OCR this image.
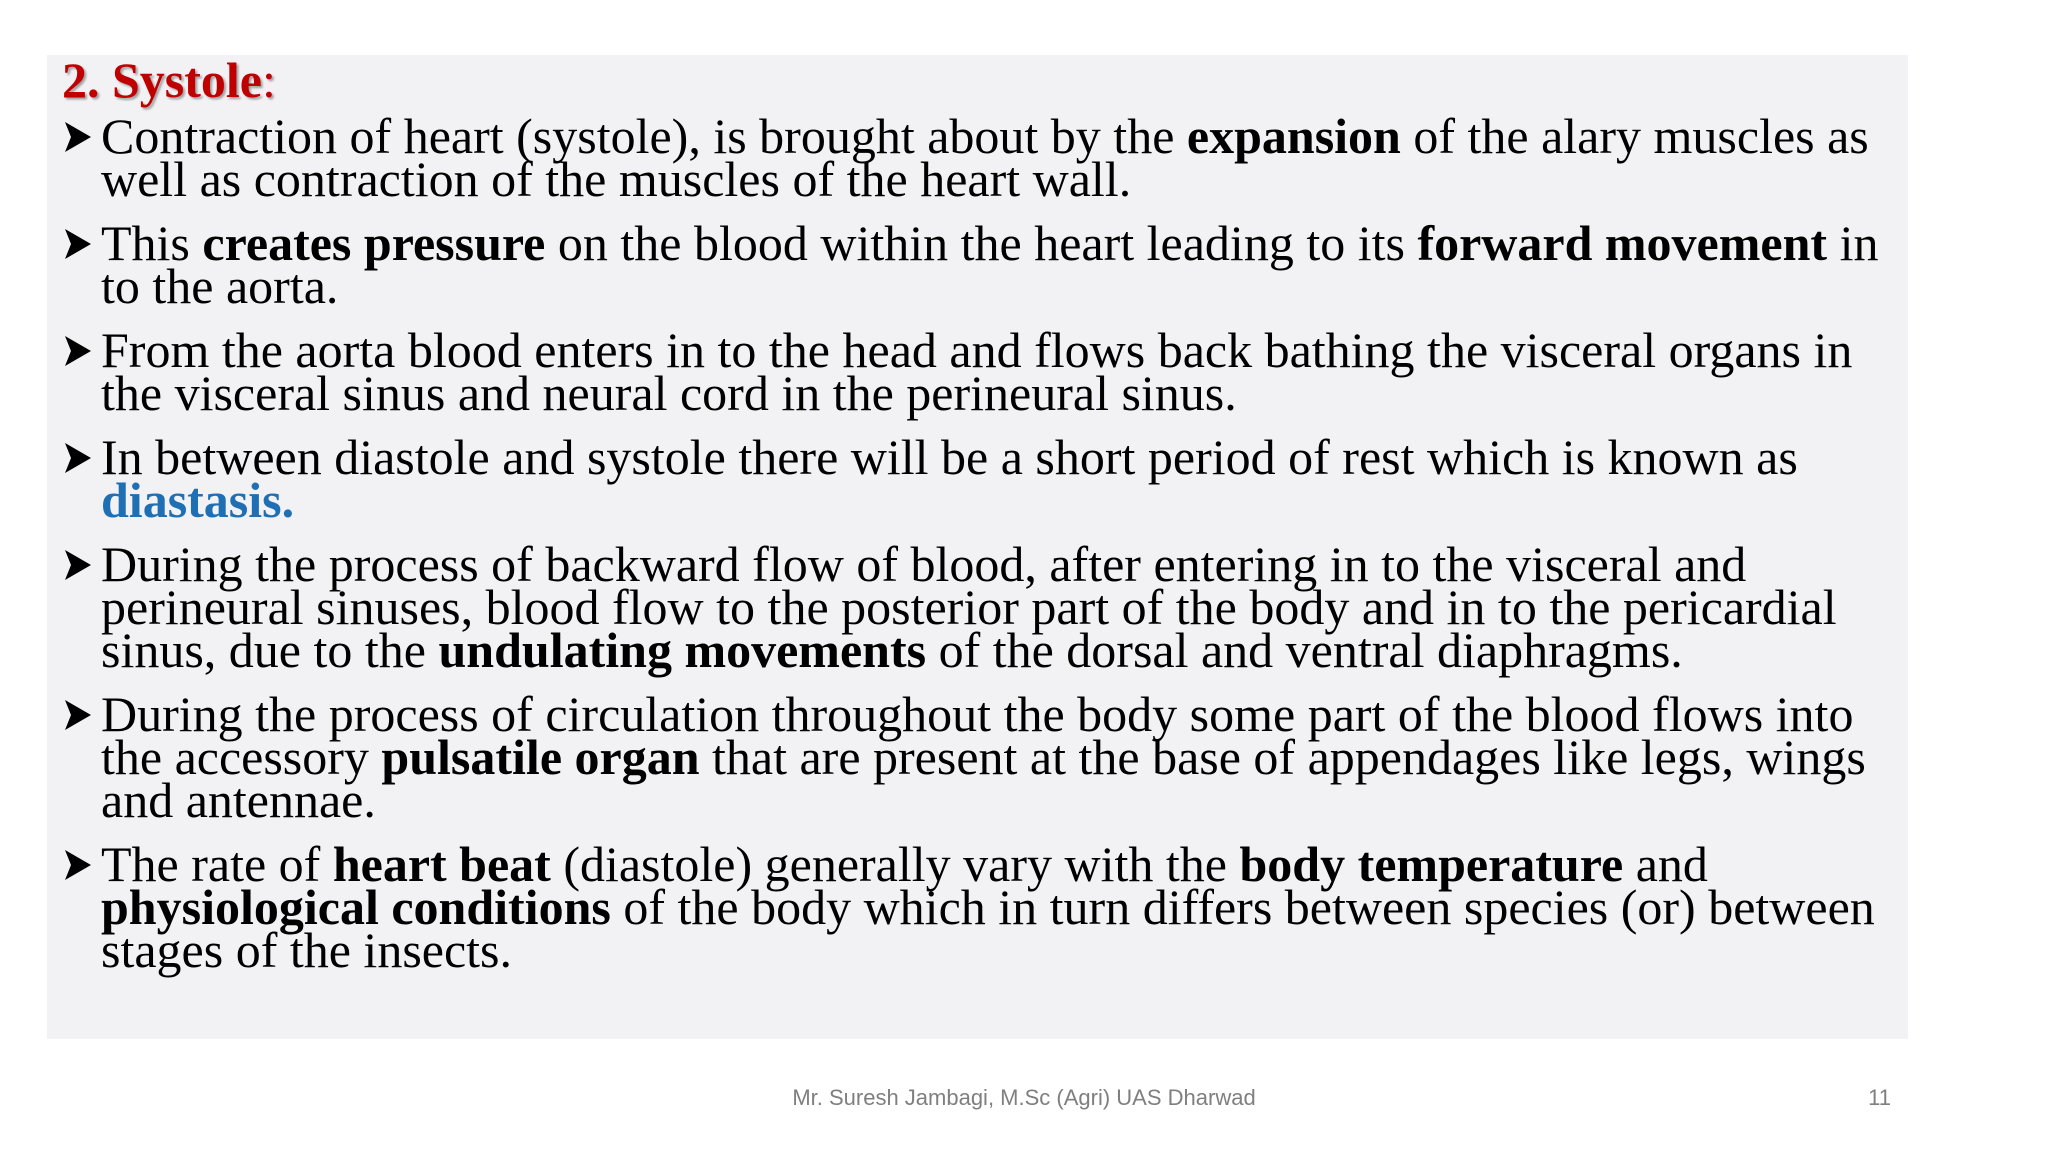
2. Systole:
Contraction of heart (systole), is brought about by the expansion of the alary muscles as well as contraction of the muscles of the heart wall.
This creates pressure on the blood within the heart leading to its forward movement in to the aorta.
From the aorta blood enters in to the head and flows back bathing the visceral organs in the visceral sinus and neural cord in the perineural sinus.
In between diastole and systole there will be a short period of rest which is known as diastasis.
During the process of backward flow of blood, after entering in to the visceral and perineural sinuses, blood flow to the posterior part of the body and in to the pericardial sinus, due to the undulating movements of the dorsal and ventral diaphragms.
During the process of circulation throughout the body some part of the blood flows into the accessory pulsatile organ that are present at the base of appendages like legs, wings and antennae.
The rate of heart beat (diastole) generally vary with the body temperature and physiological conditions of the body which in turn differs between species (or) between stages of the insects.
Mr. Suresh Jambagi, M.Sc (Agri) UAS Dharwad	11
